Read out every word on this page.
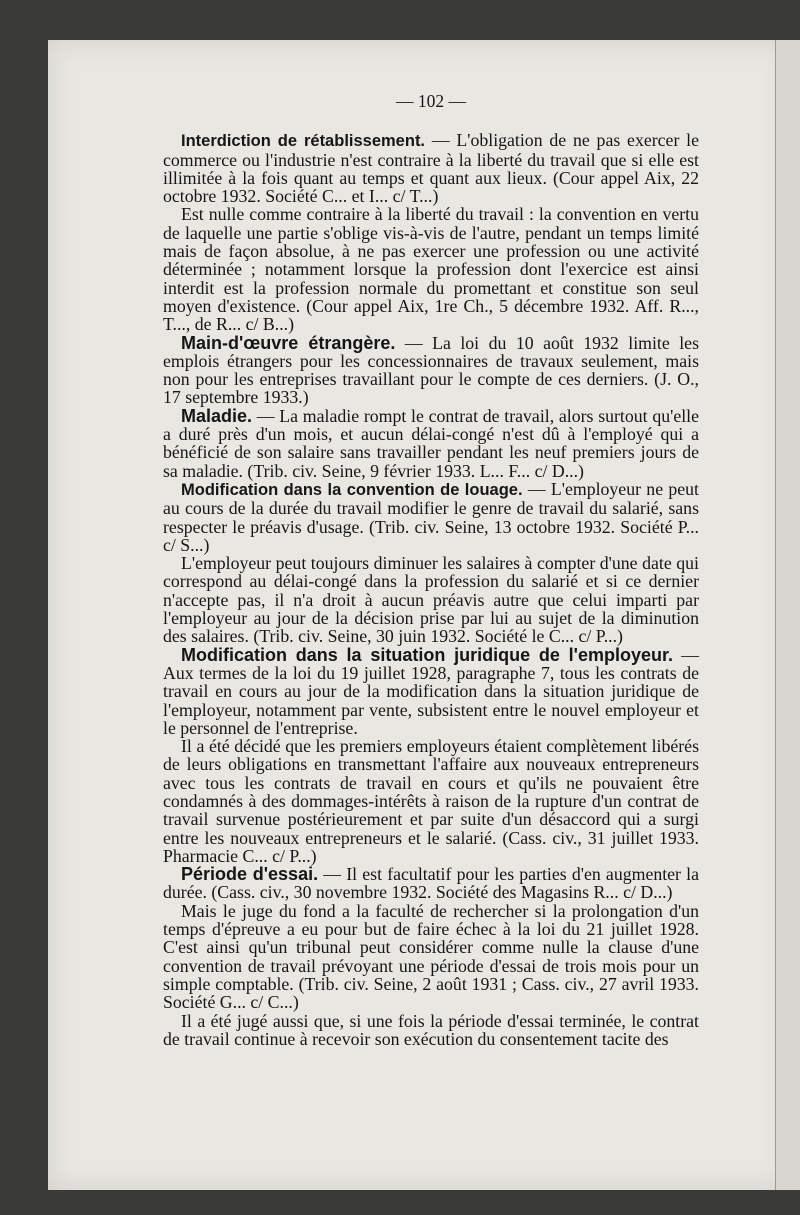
— 102 —

Interdiction de rétablissement. — L'obligation de ne pas exercer le commerce ou l'industrie n'est contraire à la liberté du travail que si elle est illimitée à la fois quant au temps et quant aux lieux. (Cour appel Aix, 22 octobre 1932. Société C... et I... c/ T...)

Est nulle comme contraire à la liberté du travail : la convention en vertu de laquelle une partie s'oblige vis-à-vis de l'autre, pendant un temps limité mais de façon absolue, à ne pas exercer une profession ou une activité déterminée ; notamment lorsque la profession dont l'exercice est ainsi interdit est la profession normale du promettant et constitue son seul moyen d'existence. (Cour appel Aix, 1re Ch., 5 décembre 1932. Aff. R..., T..., de R... c/ B...)

Main-d'œuvre étrangère. — La loi du 10 août 1932 limite les emplois étrangers pour les concessionnaires de travaux seulement, mais non pour les entreprises travaillant pour le compte de ces derniers. (J. O., 17 septembre 1933.)

Maladie. — La maladie rompt le contrat de travail, alors surtout qu'elle a duré près d'un mois, et aucun délai-congé n'est dû à l'employé qui a bénéficié de son salaire sans travailler pendant les neuf premiers jours de sa maladie. (Trib. civ. Seine, 9 février 1933. L... F... c/ D...)

Modification dans la convention de louage. — L'employeur ne peut au cours de la durée du travail modifier le genre de travail du salarié, sans respecter le préavis d'usage. (Trib. civ. Seine, 13 octobre 1932. Société P... c/ S...)

L'employeur peut toujours diminuer les salaires à compter d'une date qui correspond au délai-congé dans la profession du salarié et si ce dernier n'accepte pas, il n'a droit à aucun préavis autre que celui imparti par l'employeur au jour de la décision prise par lui au sujet de la diminution des salaires. (Trib. civ. Seine, 30 juin 1932. Société le C... c/ P...)

Modification dans la situation juridique de l'employeur. — Aux termes de la loi du 19 juillet 1928, paragraphe 7, tous les contrats de travail en cours au jour de la modification dans la situation juridique de l'employeur, notamment par vente, subsistent entre le nouvel employeur et le personnel de l'entreprise.

Il a été décidé que les premiers employeurs étaient complètement libérés de leurs obligations en transmettant l'affaire aux nouveaux entrepreneurs avec tous les contrats de travail en cours et qu'ils ne pouvaient être condamnés à des dommages-intérêts à raison de la rupture d'un contrat de travail survenue postérieurement et par suite d'un désaccord qui a surgi entre les nouveaux entrepreneurs et le salarié. (Cass. civ., 31 juillet 1933. Pharmacie C... c/ P...)

Période d'essai. — Il est facultatif pour les parties d'en augmenter la durée. (Cass. civ., 30 novembre 1932. Société des Magasins R... c/ D...)

Mais le juge du fond a la faculté de rechercher si la prolongation d'un temps d'épreuve a eu pour but de faire échec à la loi du 21 juillet 1928. C'est ainsi qu'un tribunal peut considérer comme nulle la clause d'une convention de travail prévoyant une période d'essai de trois mois pour un simple comptable. (Trib. civ. Seine, 2 août 1931 ; Cass. civ., 27 avril 1933. Société G... c/ C...)

Il a été jugé aussi que, si une fois la période d'essai terminée, le contrat de travail continue à recevoir son exécution du consentement tacite des
